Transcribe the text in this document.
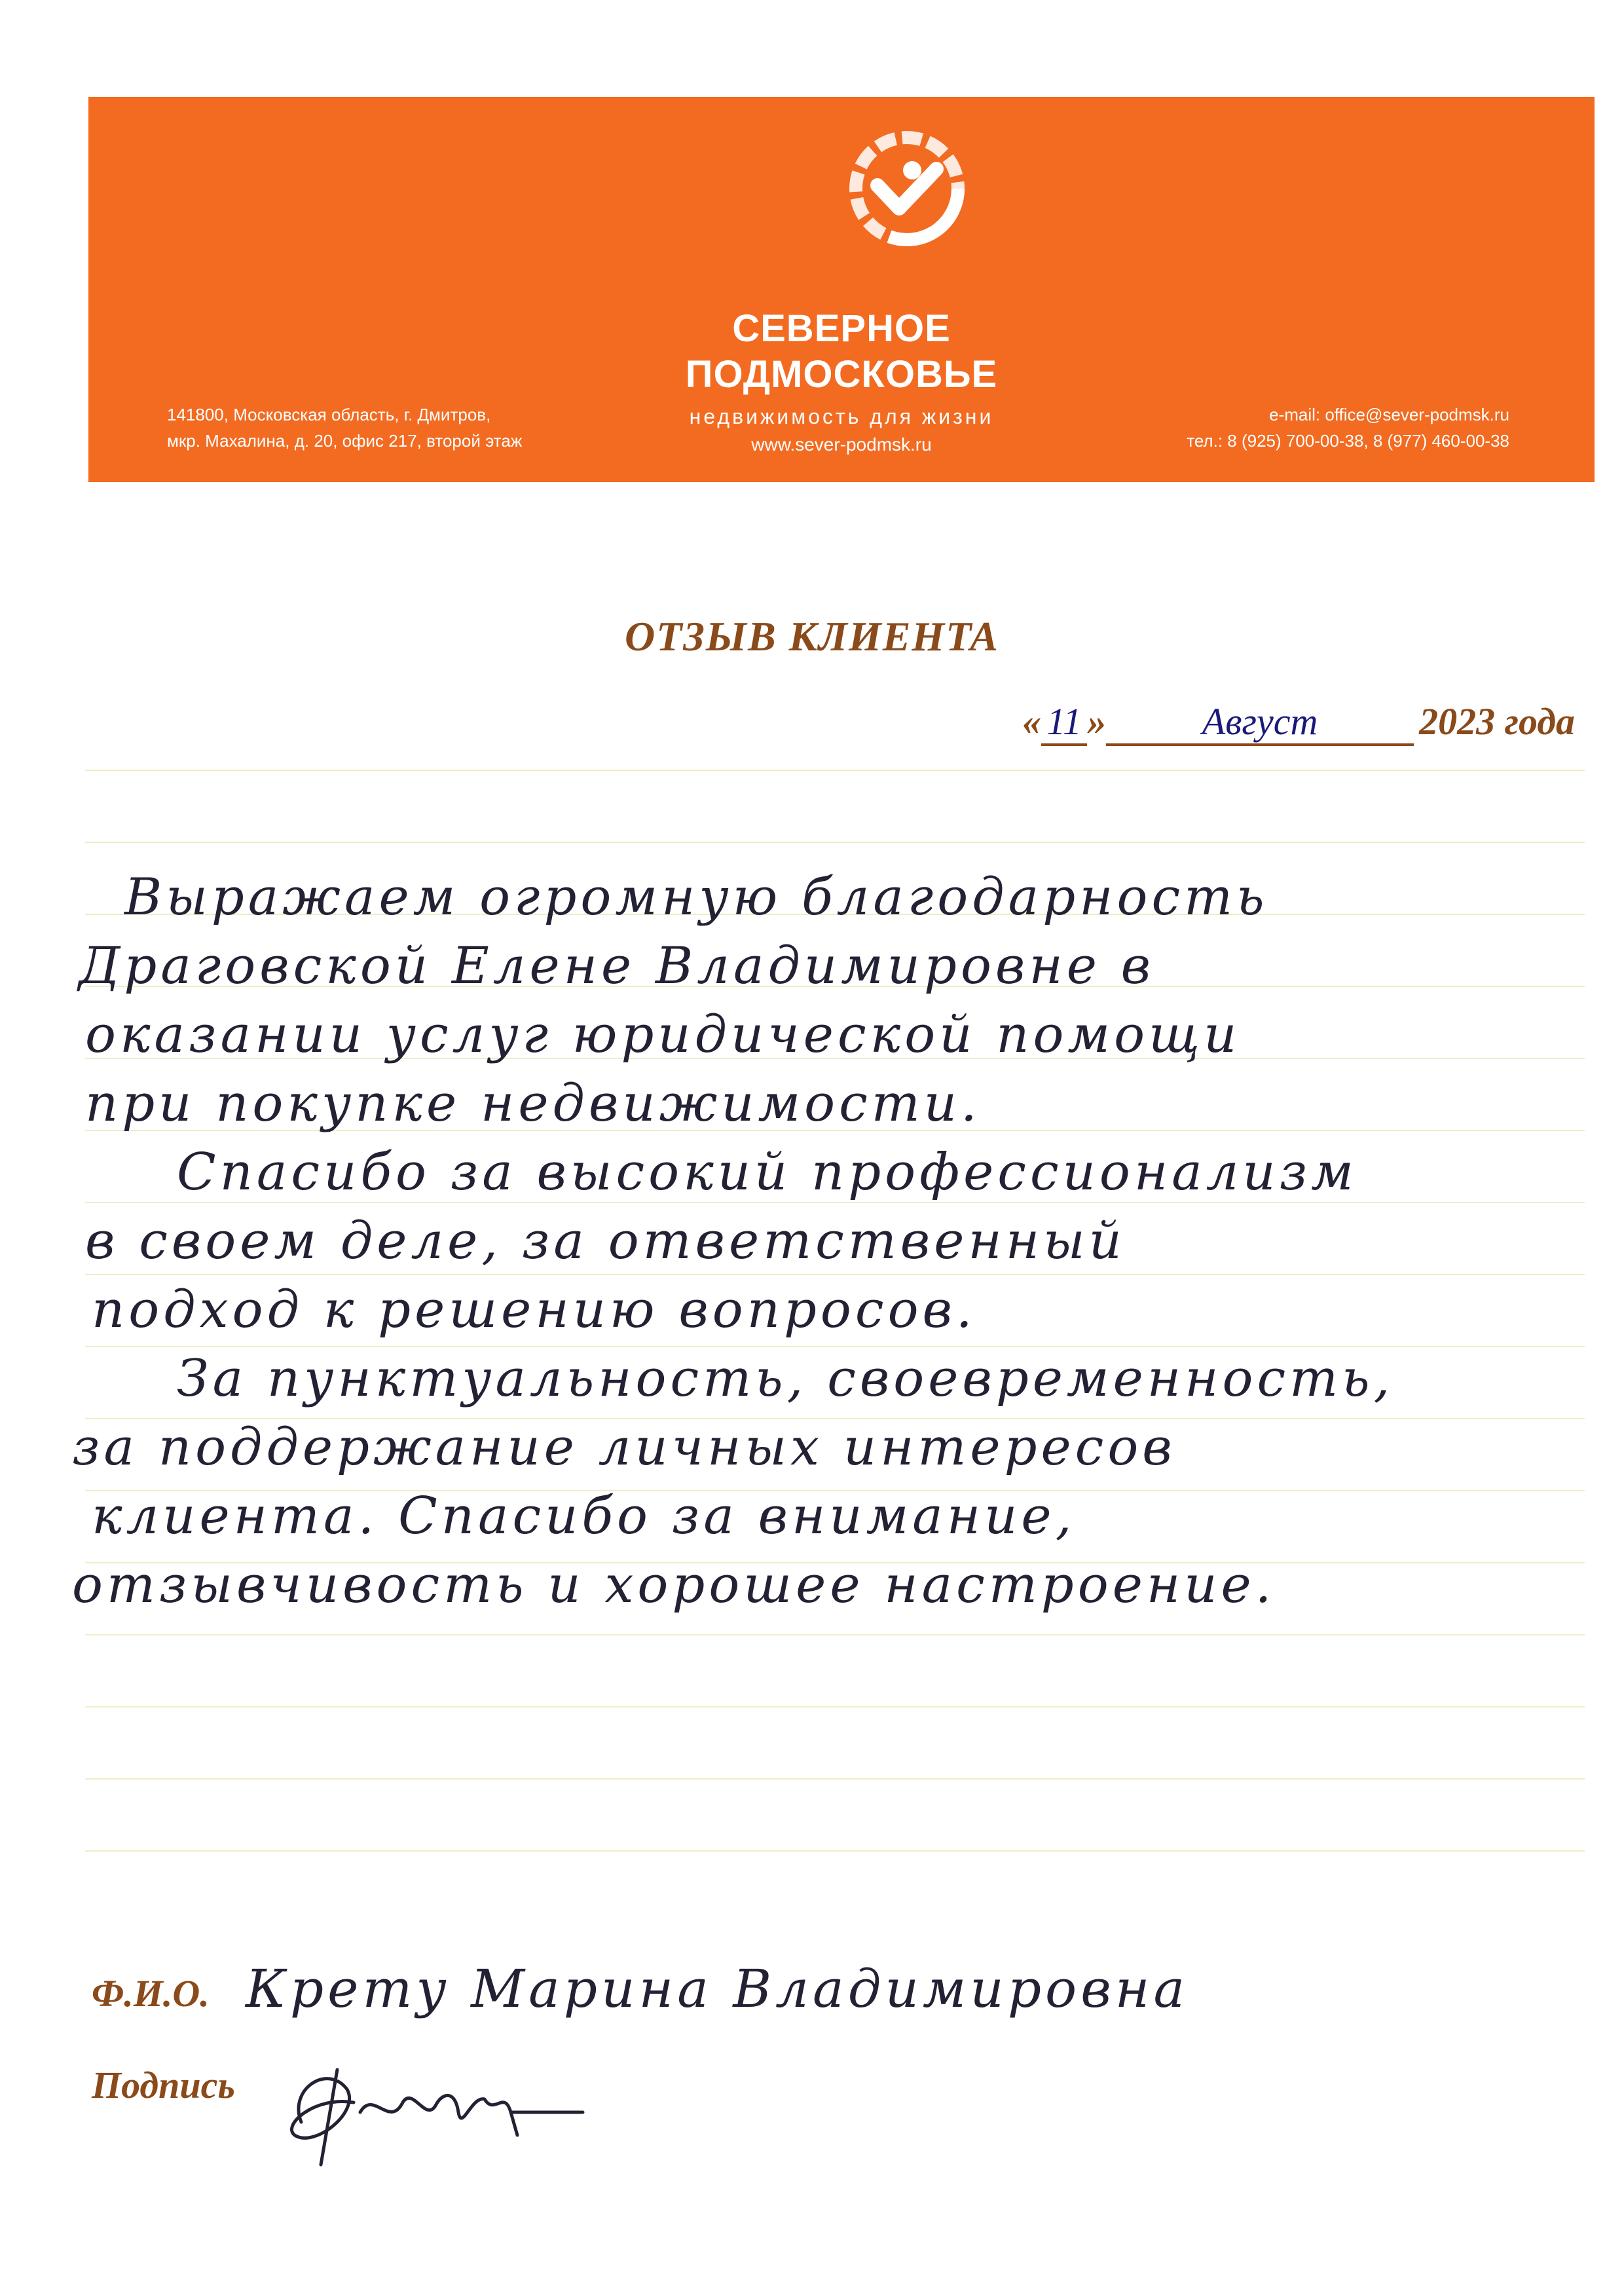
СЕВЕРНОЕ
ПОДМОСКОВЬЕ
недвижимость для жизни
www.sever-podmsk.ru
141800, Московская область, г. Дмитров,
мкр. Махалина, д. 20, офис 217, второй этаж
e-mail: office@sever-podmsk.ru
тел.: 8 (925) 700-00-38, 8 (977) 460-00-38
ОТЗЫВ КЛИЕНТА
« 11 »	Август	2023 года
Выражаем огромную благодарность
Драговской Елене Владимировне в
оказании услуг юридической помощи
при покупке недвижимости.
Спасибо за высокий профессионализм
в своем деле, за ответственный
подход к решению вопросов.
За пунктуальность, своевременность,
за поддержание личных интересов
клиента. Спасибо за внимание,
отзывчивость и хорошее настроение.
Ф.И.О. Крету Марина Владимировна
Подпись
